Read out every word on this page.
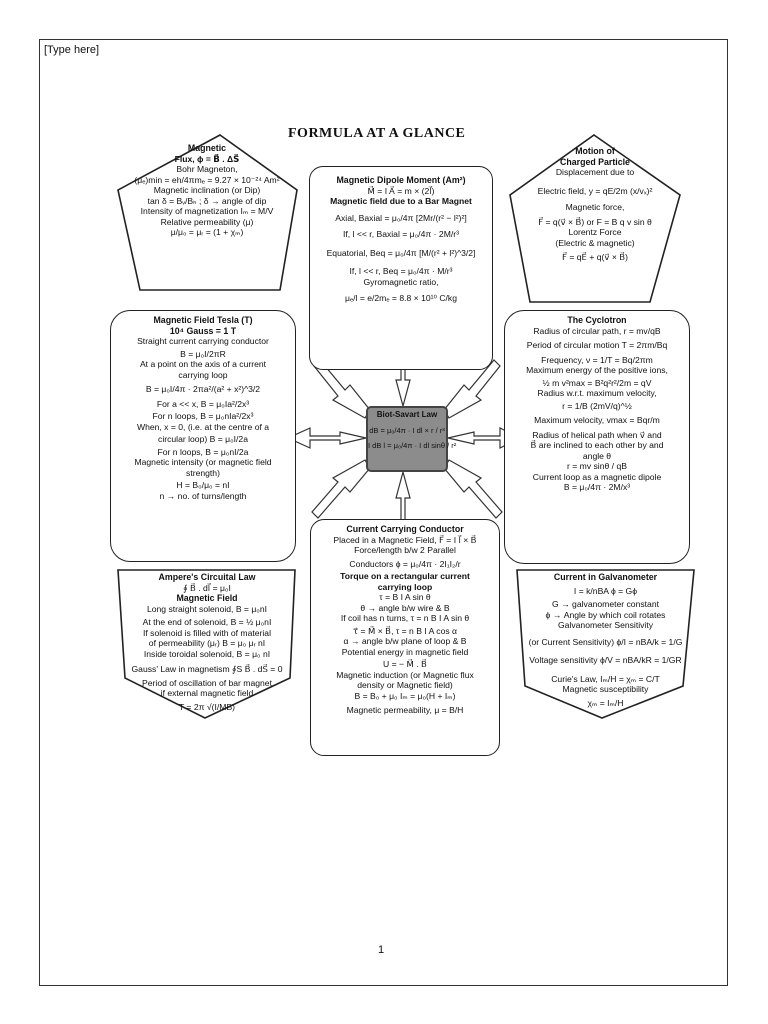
[Type here]
FORMULA AT A GLANCE
Magnetic
Flux, ϕ = B⃗ . ΔS⃗
Bohr Magneton,
(μₑ)min = eh/4πmₑ = 9.27 × 10⁻²⁴ Am²
Magnetic inclination (or Dip)
tan δ = Bᵥ/Bₕ ; δ → angle of dip
Intensity of magnetization Iₘ = M/V
Relative permeability (μ)
μ/μ₀ = μᵣ = (1 + χₘ)
Magnetic Dipole Moment (Am²)
M⃗ = I A⃗ = m × (2l⃗)
Magnetic field due to a Bar Magnet
Axial, Baxial = μ₀/4π [2Mr/(r² − l²)²]
If, l << r, Baxial = μ₀/4π · 2M/r³
Equatorial, Beq = μ₀/4π [M/(r² + l²)^3/2]
If, l << r, Beq = μ₀/4π · M/r³
Gyromagnetic ratio,
μₑ/l = e/2mₑ = 8.8 × 10¹⁰ C/kg
Motion of
Charged Particle
Displacement due to
Electric field, y = qE/2m (x/vₓ)²
Magnetic force,
F⃗ = q(v⃗ × B⃗) or F = B q v sin θ
Lorentz Force
(Electric & magnetic)
F⃗ = qE⃗ + q(v⃗ × B⃗)
Magnetic Field Tesla (T)
10⁴ Gauss = 1 T
Straight current carrying conductor
B = μ₀I/2πR
At a point on the axis of a current
carrying loop
B = μ₀I/4π · 2πa²/(a² + x²)^3/2
For a << x, B = μ₀Ia²/2x³
For n loops, B = μ₀nIa²/2x³
When, x = 0, (i.e. at the centre of a
circular loop) B = μ₀I/2a
For n loops, B = μ₀nI/2a
Magnetic intensity (or magnetic field
strength)
H = B₀/μ₀ = nI
n → no. of turns/length
The Cyclotron
Radius of circular path, r = mv/qB
Period of circular motion T = 2πm/Bq
Frequency, ν = 1/T = Bq/2πm
Maximum energy of the positive ions,
½ m v²max = B²q²r²/2m = qV
Radius w.r.t. maximum velocity,
r = 1/B (2mV/q)^½
Maximum velocity, vmax = Bqr/m
Radius of helical path when v⃗ and
B⃗ are inclined to each other by and
angle θ
r = mv sinθ / qB
Current loop as a magnetic dipole
B = μ₀/4π · 2M/x³
Biot-Savart Law
dB = μ₀/4π · I dl × r / r³
I dB l = μ₀/4π · I dl sinθ / r²
Ampere's Circuital Law
∮ B⃗ . dl⃗ = μ₀I
Magnetic Field
Long straight solenoid, B = μ₀nI
At the end of solenoid, B = ½ μ₀nI
If solenoid is filled with of material
of permeability (μᵣ) B = μ₀ μᵣ nI
Inside toroidal solenoid, B = μ₀ nI
Gauss' Law in magnetism ∮S B⃗ . dS⃗ = 0
Period of oscillation of bar magnet
if external magnetic field
T = 2π √(I/MB)
Current Carrying Conductor
Placed in a Magnetic Field, F⃗ = I l⃗ × B⃗
Force/length b/w 2 Parallel
Conductors ϕ = μ₀/4π · 2I₁I₂/r
Torque on a rectangular current
carrying loop
τ = B I A sin θ
θ → angle b/w wire & B
If coil has n turns, τ = n B I A sin θ
τ⃗ = M⃗ × B⃗, τ = n B I A cos α
α → angle b/w plane of loop & B
Potential energy in magnetic field
U = − M⃗ . B⃗
Magnetic induction (or Magnetic flux
density or Magnetic field)
B = B₀ + μ₀ Iₘ = μ₀(H + Iₘ)
Magnetic permeability, μ = B/H
Current in Galvanometer
I = k/nBA ϕ = Gϕ
G → galvanometer constant
ϕ → Angle by which coil rotates
Galvanometer Sensitivity
(or Current Sensitivity) ϕ/I = nBA/k = 1/G
Voltage sensitivity ϕ/V = nBA/kR = 1/GR
Curie's Law, Iₘ/H = χₘ = C/T
Magnetic susceptibility
χₘ = Iₘ/H
1
